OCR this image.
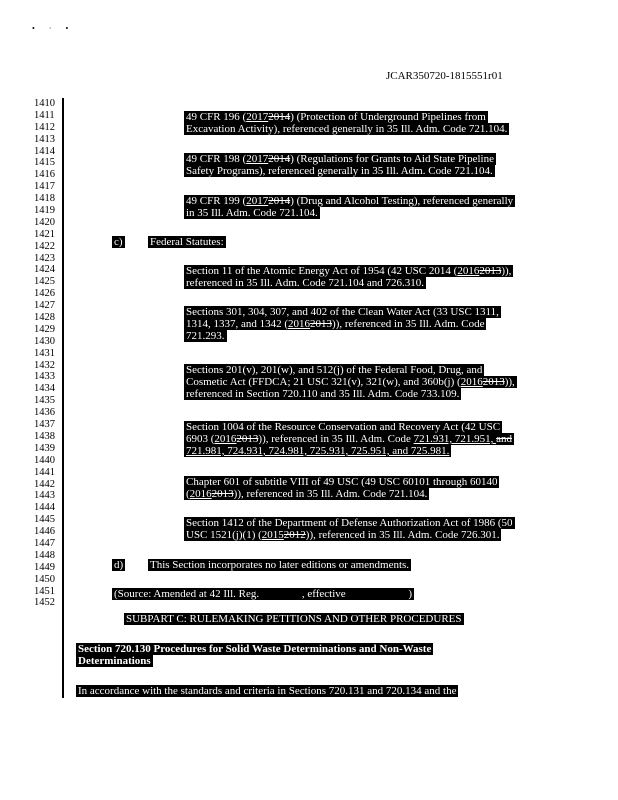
• · •
JCAR350720-1815551r01
1410
1411
1412
1413
1414
1415
1416
1417
1418
1419
1420
1421
1422
1423
1424
1425
1426
1427
1428
1429
1430
1431
1432
1433
1434
1435
1436
1437
1438
1439
1440
1441
1442
1443
1444
1445
1446
1447
1448
1449
1450
1451
1452
49 CFR 196 (20172014) (Protection of Underground Pipelines from
Excavation Activity), referenced generally in 35 Ill. Adm. Code 721.104.
49 CFR 198 (20172014) (Regulations for Grants to Aid State Pipeline
Safety Programs), referenced generally in 35 Ill. Adm. Code 721.104.
49 CFR 199 (20172014) (Drug and Alcohol Testing), referenced generally
in 35 Ill. Adm. Code 721.104.
c) Federal Statutes:
Section 11 of the Atomic Energy Act of 1954 (42 USC 2014 (20162013)),
referenced in 35 Ill. Adm. Code 721.104 and 726.310.
Sections 301, 304, 307, and 402 of the Clean Water Act (33 USC 1311,
1314, 1337, and 1342 (20162013)), referenced in 35 Ill. Adm. Code
721.293.
Sections 201(v), 201(w), and 512(j) of the Federal Food, Drug, and
Cosmetic Act (FFDCA; 21 USC 321(v), 321(w), and 360b(j) (20162013)),
referenced in Section 720.110 and 35 Ill. Adm. Code 733.109.
Section 1004 of the Resource Conservation and Recovery Act (42 USC
6903 (20162013)), referenced in 35 Ill. Adm. Code 721.931, 721.951, and
721.981, 724.931, 724.981, 725.931, 725.951, and 725.981.
Chapter 601 of subtitle VIII of 49 USC (49 USC 60101 through 60140
(20162013)), referenced in 35 Ill. Adm. Code 721.104.
Section 1412 of the Department of Defense Authorization Act of 1986 (50
USC 1521(j)(1) (20152012)), referenced in 35 Ill. Adm. Code 726.301.
d) This Section incorporates no later editions or amendments.
(Source: Amended at 42 Ill. Reg.	, effective	)
SUBPART C: RULEMAKING PETITIONS AND OTHER PROCEDURES
Section 720.130 Procedures for Solid Waste Determinations and Non-Waste
Determinations
In accordance with the standards and criteria in Sections 720.131 and 720.134 and the
